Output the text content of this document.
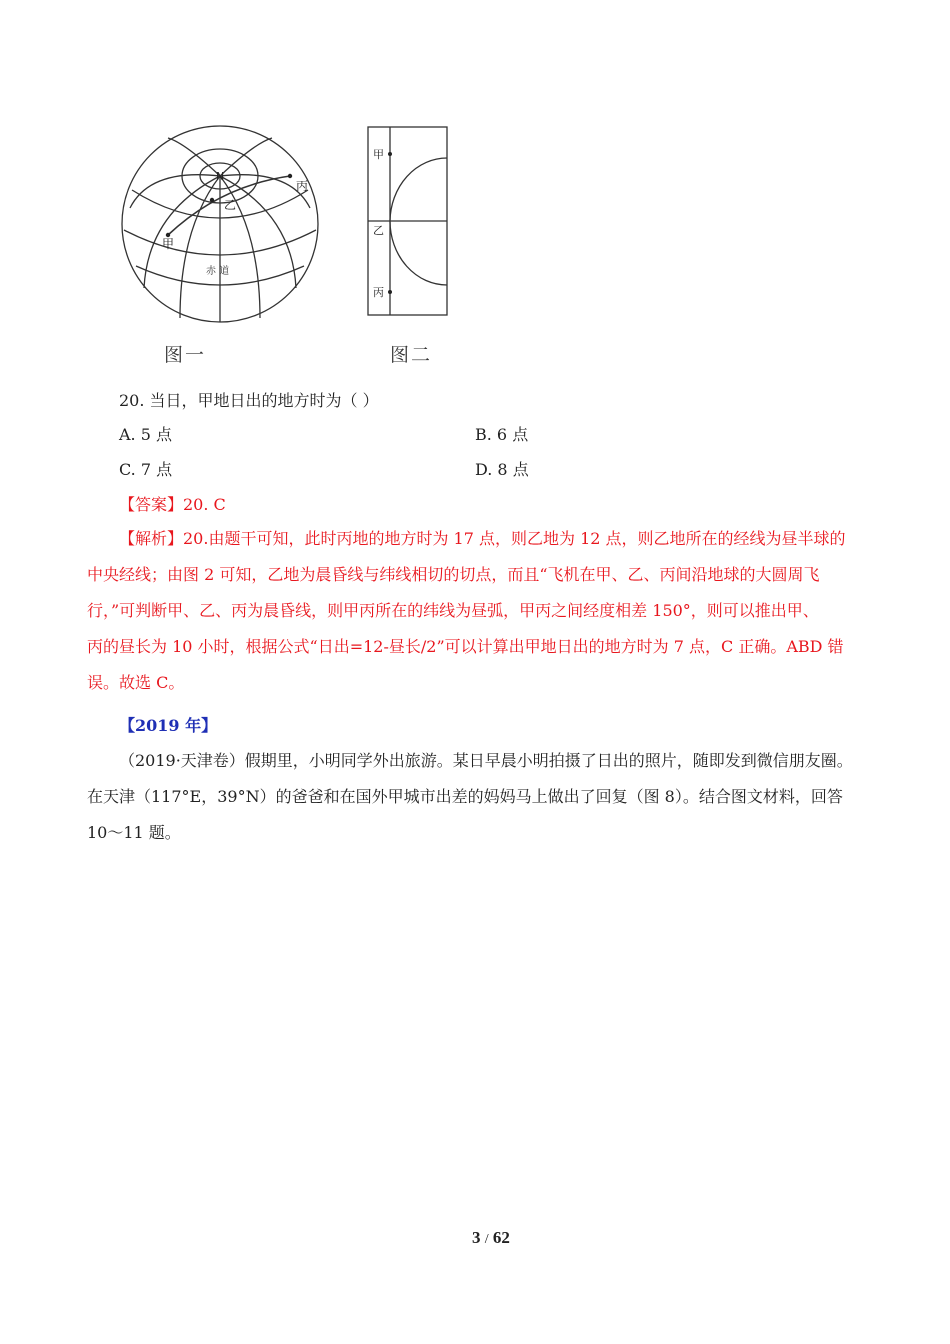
N
甲
乙
丙
赤 道
图一
甲
乙
丙
图二
20. 当日，甲地日出的地方时为（ ）
A. 5 点	B. 6 点
C. 7 点	D. 8 点
【答案】20. C
【解析】20.由题干可知，此时丙地的地方时为 17 点，则乙地为 12 点，则乙地所在的经线为昼半球的
中央经线；由图 2 可知，乙地为晨昏线与纬线相切的切点，而且“飞机在甲、乙、丙间沿地球的大圆周飞
行，”可判断甲、乙、丙为晨昏线，则甲丙所在的纬线为昼弧，甲丙之间经度相差 150°，则可以推出甲、
丙的昼长为 10 小时，根据公式“日出=12-昼长/2”可以计算出甲地日出的地方时为 7 点，C 正确。ABD 错
误。故选 C。
【2019 年】
（2019·天津卷）假期里，小明同学外出旅游。某日早晨小明拍摄了日出的照片，随即发到微信朋友圈。
在天津（117°E，39°N）的爸爸和在国外甲城市出差的妈妈马上做出了回复（图 8）。结合图文材料，回答
10～11 题。
3 / 62
